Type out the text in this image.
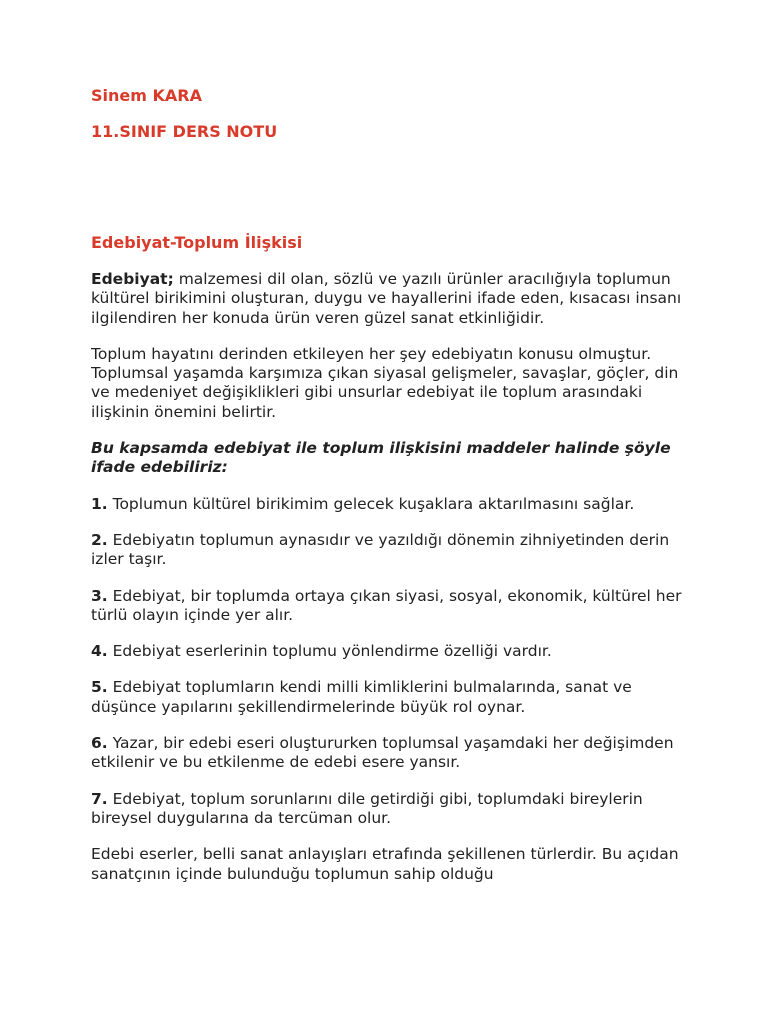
Sinem KARA
11.SINIF DERS NOTU
Edebiyat-Toplum İlişkisi

Edebiyat; malzemesi dil olan, sözlü ve yazılı ürünler aracılığıyla toplumun kültürel birikimini oluşturan, duygu ve hayallerini ifade eden, kısacası insanı ilgilendiren her konuda ürün veren güzel sanat etkinliğidir.

Toplum hayatını derinden etkileyen her şey edebiyatın konusu olmuştur. Toplumsal yaşamda karşımıza çıkan siyasal gelişmeler, savaşlar, göçler, din ve medeniyet değişiklikleri gibi unsurlar edebiyat ile toplum arasındaki ilişkinin önemini belirtir.

Bu kapsamda edebiyat ile toplum ilişkisini maddeler halinde şöyle ifade edebiliriz:

1. Toplumun kültürel birikimim gelecek kuşaklara aktarılmasını sağlar.

2. Edebiyatın toplumun aynasıdır ve yazıldığı dönemin zihniyetinden derin izler taşır.

3. Edebiyat, bir toplumda ortaya çıkan siyasi, sosyal, ekonomik, kültürel her türlü olayın içinde yer alır.

4. Edebiyat eserlerinin toplumu yönlendirme özelliği vardır.

5. Edebiyat toplumların kendi milli kimliklerini bulmalarında, sanat ve düşünce yapılarını şekillendirmelerinde büyük rol oynar.

6. Yazar, bir edebi eseri oluştururken toplumsal yaşamdaki her değişimden etkilenir ve bu etkilenme de edebi esere yansır.

7. Edebiyat, toplum sorunlarını dile getirdiği gibi, toplumdaki bireylerin bireysel duygularına da tercüman olur.

Edebi eserler, belli sanat anlayışları etrafında şekillenen türlerdir. Bu açıdan sanatçının içinde bulunduğu toplumun sahip olduğu
